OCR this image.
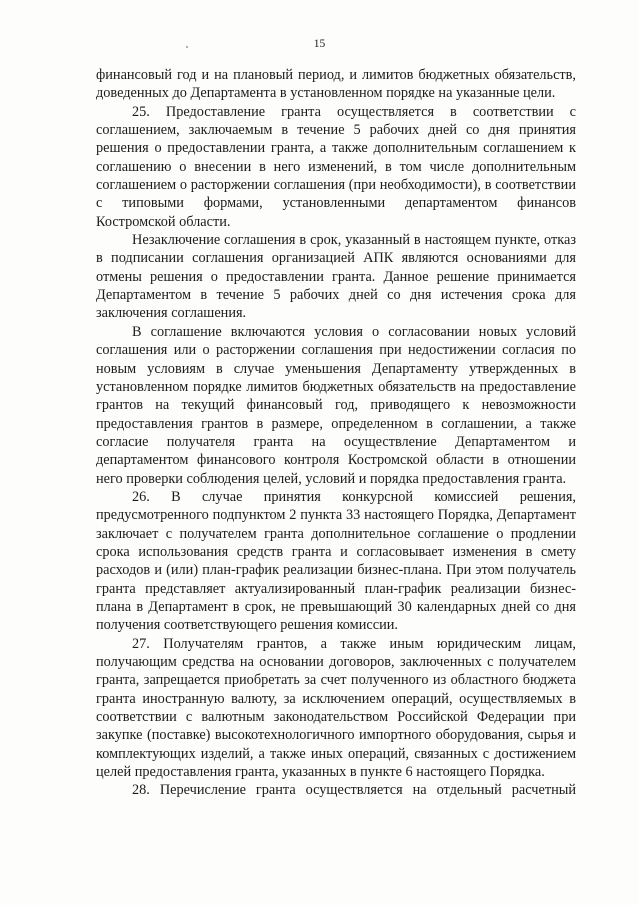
15

финансовый год и на плановый период, и лимитов бюджетных обязательств, доведенных до Департамента в установленном порядке на указанные цели.

25. Предоставление гранта осуществляется в соответствии с соглашением, заключаемым в течение 5 рабочих дней со дня принятия решения о предоставлении гранта, а также дополнительным соглашением к соглашению о внесении в него изменений, в том числе дополнительным соглашением о расторжении соглашения (при необходимости), в соответствии с типовыми формами, установленными департаментом финансов Костромской области.

Незаключение соглашения в срок, указанный в настоящем пункте, отказ в подписании соглашения организацией АПК являются основаниями для отмены решения о предоставлении гранта. Данное решение принимается Департаментом в течение 5 рабочих дней со дня истечения срока для заключения соглашения.

В соглашение включаются условия о согласовании новых условий соглашения или о расторжении соглашения при недостижении согласия по новым условиям в случае уменьшения Департаменту утвержденных в установленном порядке лимитов бюджетных обязательств на предоставление грантов на текущий финансовый год, приводящего к невозможности предоставления грантов в размере, определенном в соглашении, а также согласие получателя гранта на осуществление Департаментом и департаментом финансового контроля Костромской области в отношении него проверки соблюдения целей, условий и порядка предоставления гранта.

26. В случае принятия конкурсной комиссией решения, предусмотренного подпунктом 2 пункта 33 настоящего Порядка, Департамент заключает с получателем гранта дополнительное соглашение о продлении срока использования средств гранта и согласовывает изменения в смету расходов и (или) план-график реализации бизнес-плана. При этом получатель гранта представляет актуализированный план-график реализации бизнес-плана в Департамент в срок, не превышающий 30 календарных дней со дня получения соответствующего решения комиссии.

27. Получателям грантов, а также иным юридическим лицам, получающим средства на основании договоров, заключенных с получателем гранта, запрещается приобретать за счет полученного из областного бюджета гранта иностранную валюту, за исключением операций, осуществляемых в соответствии с валютным законодательством Российской Федерации при закупке (поставке) высокотехнологичного импортного оборудования, сырья и комплектующих изделий, а также иных операций, связанных с достижением целей предоставления гранта, указанных в пункте 6 настоящего Порядка.

28. Перечисление гранта осуществляется на отдельный расчетный
